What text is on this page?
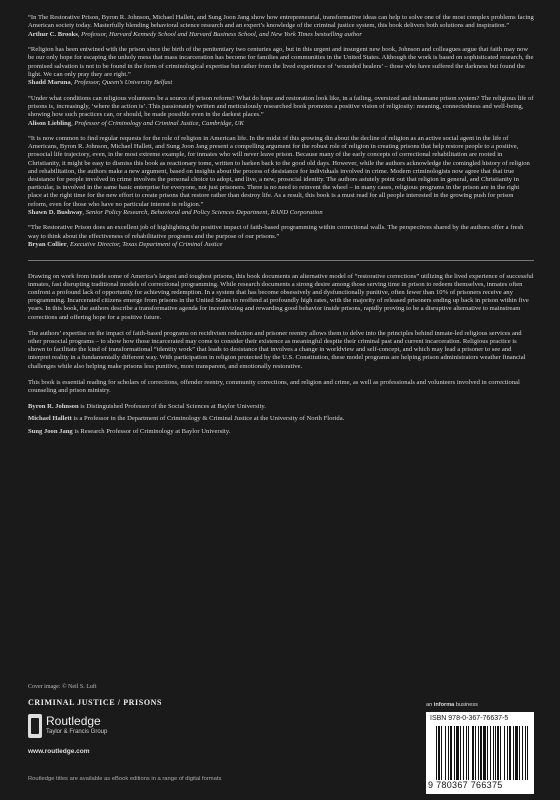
“In The Restorative Prison, Byron R. Johnson, Michael Hallett, and Sung Joon Jang show how entrepreneurial, transformative ideas can help to solve one of the most complex problems facing American society today. Masterfully blending behavioral science research and an expert’s knowledge of the criminal justice system, this book delivers both solutions and inspiration.”
Arthur C. Brooks, Professor, Harvard Kennedy School and Harvard Business School, and New York Times bestselling author
“Religion has been entwined with the prison since the birth of the penitentiary two centuries ago, but in this urgent and insurgent new book, Johnson and colleagues argue that faith may now be our only hope for escaping the unholy mess that mass incarceration has become for families and communities in the United States. Although the work is based on sophisticated research, the promised salvation is not to be found in the form of criminological expertise but rather from the lived experience of ‘wounded healers’ – those who have suffered the darkness but found the light. We can only pray they are right.”
Shadd Maruna, Professor, Queen’s University Belfast
“Under what conditions can religious volunteers be a source of prison reform? What do hope and restoration look like, in a failing, oversized and inhumane prison system? The religious life of prisons is, increasingly, ‘where the action is’. This passionately written and meticulously researched book promotes a positive vision of religiosity: meaning, connectedness and well-being, showing how such practices can, or should, be made possible even in the darkest places.”
Alison Liebling, Professor of Criminology and Criminal Justice, Cambridge, UK
“It is now common to find regular requests for the role of religion in American life. In the midst of this growing din about the decline of religion as an active social agent in the life of Americans, Byron R. Johnson, Michael Hallett, and Sung Joon Jang present a compelling argument for the robust role of religion in creating prisons that help restore people to a positive, prosocial life trajectory, even, in the most extreme example, for inmates who will never leave prison. Because many of the early concepts of correctional rehabilitation are rooted in Christianity, it might be easy to dismiss this book as reactionary tome, written to harken back to the good old days. However, while the authors acknowledge the comingled history of religion and rehabilitation, the authors make a new argument, based on insights about the process of desistance for individuals involved in crime. Modern criminologists now agree that that true desistance for people involved in crime involves the personal choice to adopt, and live, a new, prosocial identity. The authors astutely point out that religion in general, and Christianity in particular, is involved in the same basic enterprise for everyone, not just prisoners. There is no need to reinvent the wheel – in many cases, religious programs in the prison are in the right place at the right time for the new effort to create prisons that restore rather than destroy life. As a result, this book is a must read for all people interested in the growing push for prison reform, even for those who have no particular interest in religion.”
Shawn D. Bushway, Senior Policy Research, Behavioral and Policy Sciences Department, RAND Corporation
“The Restorative Prison does an excellent job of highlighting the positive impact of faith-based programming within correctional walls. The perspectives shared by the authors offer a fresh way to think about the effectiveness of rehabilitative programs and the purpose of our prisons.”
Bryan Collier, Executive Director, Texas Department of Criminal Justice

Drawing on work from inside some of America’s largest and toughest prisons, this book documents an alternative model of “restorative corrections” utilizing the lived experience of successful inmates, fast disrupting traditional models of correctional programming. While research documents a strong desire among those serving time in prison to redeem themselves, inmates often confront a profound lack of opportunity for achieving redemption. In a system that has become obsessively and dysfunctionally punitive, often fewer than 10% of prisoners receive any programming. Incarcerated citizens emerge from prisons in the United States to reoffend at profoundly high rates, with the majority of released prisoners ending up back in prison within five years. In this book, the authors describe a transformative agenda for incentivizing and rewarding good behavior inside prisons, rapidly proving to be a disruptive alternative to mainstream corrections and offering hope for a positive future.

The authors’ expertise on the impact of faith-based programs on recidivism reduction and prisoner reentry allows them to delve into the principles behind inmate-led religious services and other prosocial programs – to show how those incarcerated may come to consider their existence as meaningful despite their criminal past and current incarceration. Religious practice is shown to facilitate the kind of transformational “identity work” that leads to desistance that involves a change in worldview and self-concept, and which may lead a prisoner to see and interpret reality in a fundamentally different way. With participation in religion protected by the U.S. Constitution, these model programs are helping prison administrators weather financial challenges while also helping make prisons less punitive, more transparent, and emotionally restorative.

This book is essential reading for scholars of corrections, offender reentry, community corrections, and religion and crime, as well as professionals and volunteers involved in correctional counseling and prison ministry.

Byron R. Johnson is Distinguished Professor of the Social Sciences at Baylor University.

Michael Hallett is a Professor in the Department of Criminology & Criminal Justice at the University of North Florida.

Sung Joon Jang is Research Professor of Criminology at Baylor University.

Cover image: © Neil S. Luft
CRIMINAL JUSTICE / PRISONS
Routledge
Taylor & Francis Group
www.routledge.com
Routledge titles are available as eBook editions in a range of digital formats
an informa business
ISBN 978-0-367-76637-5
9 780367 766375
